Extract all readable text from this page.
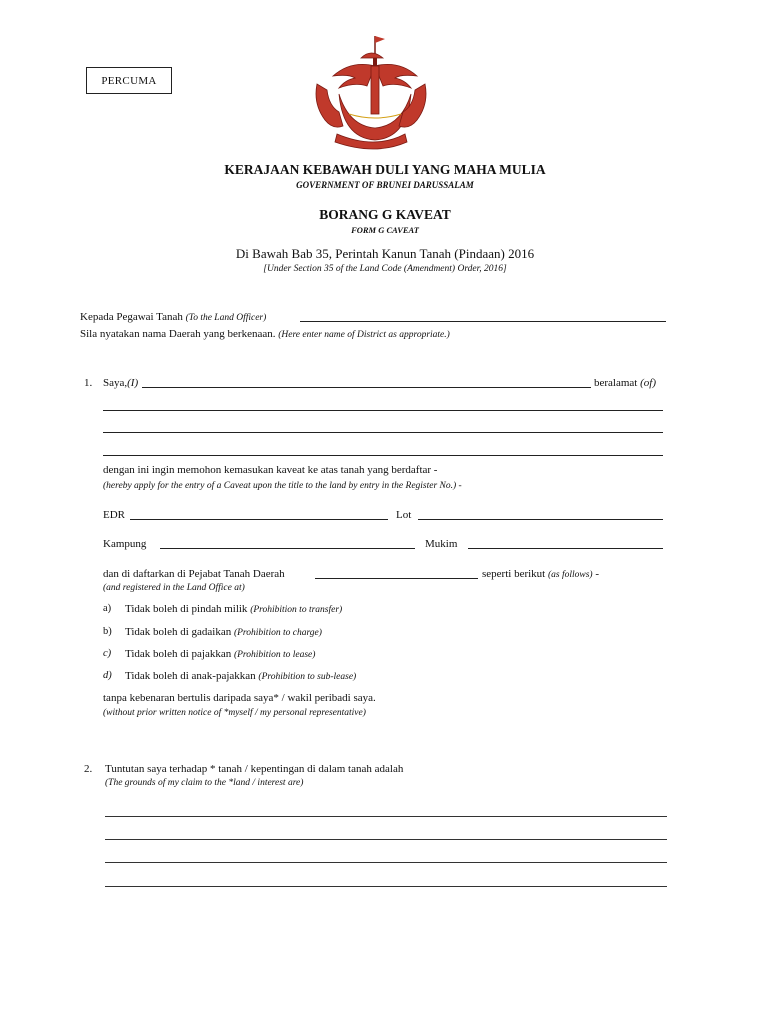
PERCUMA
KERAJAAN KEBAWAH DULI YANG MAHA MULIA
GOVERNMENT OF BRUNEI DARUSSALAM
BORANG G KAVEAT
FORM G CAVEAT
Di Bawah Bab 35, Perintah Kanun Tanah (Pindaan) 2016
[Under Section 35 of the Land Code (Amendment) Order, 2016]
Kepada Pegawai Tanah (To the Land Officer)
Sila nyatakan nama Daerah yang berkenaan. (Here enter name of District as appropriate.)
1. Saya,(I)	beralamat (of)
dengan ini ingin memohon kemasukan kaveat ke atas tanah yang berdaftar -
(hereby apply for the entry of a Caveat upon the title to the land by entry in the Register No.) -
EDR	Lot
Kampung	Mukim
dan di daftarkan di Pejabat Tanah Daerah	seperti berikut (as follows) -
(and registered in the Land Office at)
a) Tidak boleh di pindah milik (Prohibition to transfer)
b) Tidak boleh di gadaikan (Prohibition to charge)
c) Tidak boleh di pajakkan (Prohibition to lease)
d) Tidak boleh di anak-pajakkan (Prohibition to sub-lease)
tanpa kebenaran bertulis daripada saya* / wakil peribadi saya.
(without prior written notice of *myself / my personal representative)
2. Tuntutan saya terhadap * tanah / kepentingan di dalam tanah adalah
(The grounds of my claim to the *land / interest are)
